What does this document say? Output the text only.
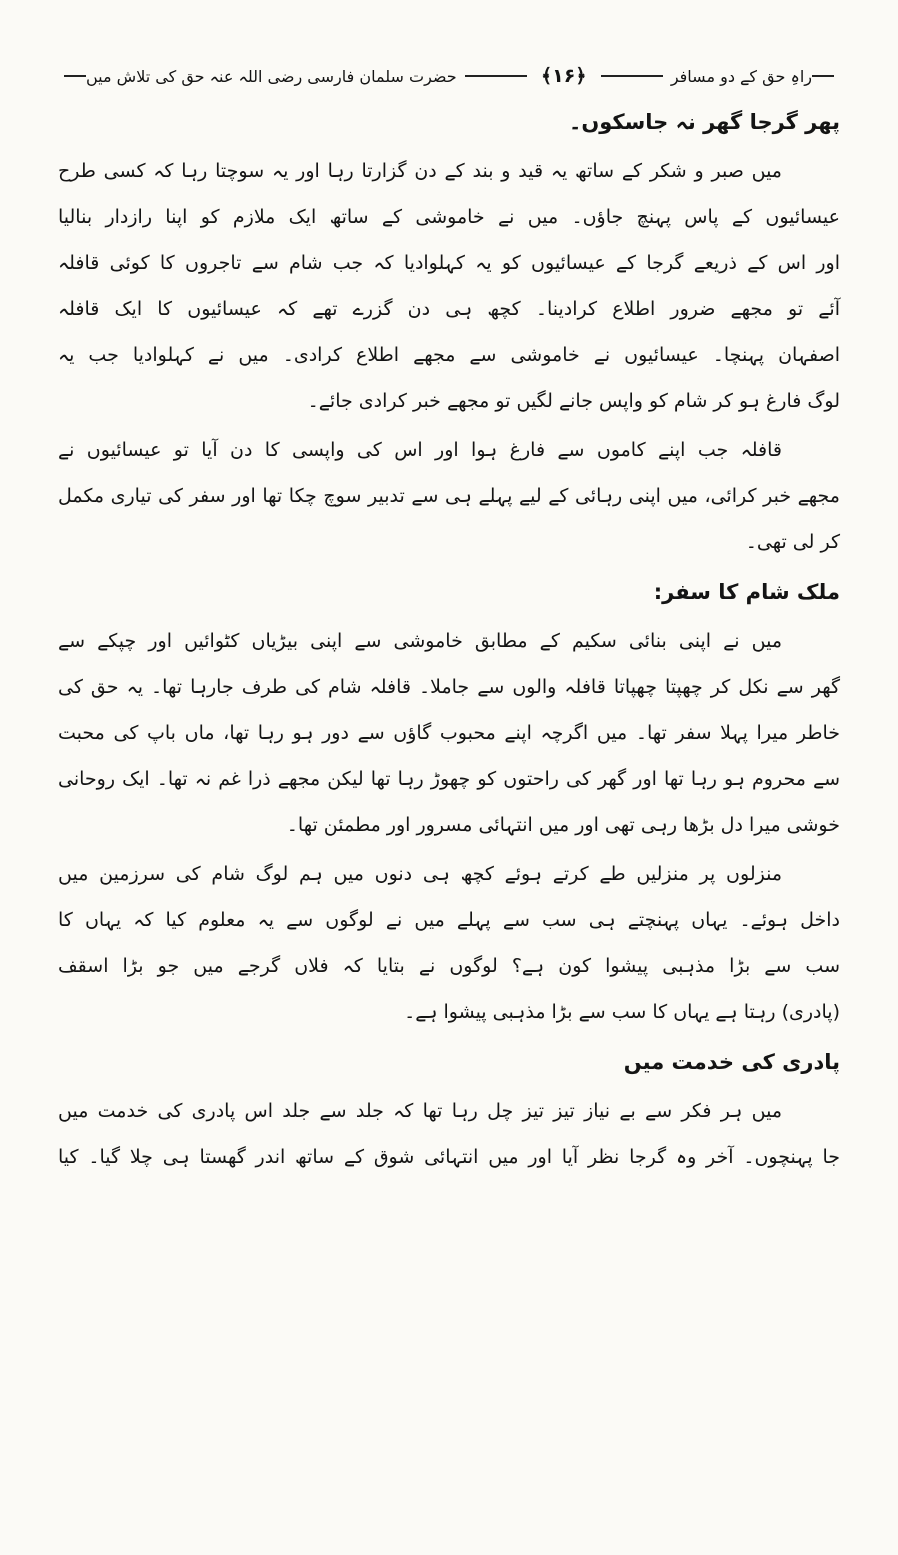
راہِ حق کے دو مسافر
﴿۱۶﴾
حضرت سلمان فارسی رضی اللہ عنہ حق کی تلاش میں
پھر گرجا گھر نہ جاسکوں۔
میں صبر و شکر کے ساتھ یہ قید و بند کے دن گزارتا رہا اور یہ سوچتا رہا کہ کسی طرح
عیسائیوں کے پاس پہنچ جاؤں۔ میں نے خاموشی کے ساتھ ایک ملازم کو اپنا رازدار بنالیا
اور اس کے ذریعے گرجا کے عیسائیوں کو یہ کہلوادیا کہ جب شام سے تاجروں کا کوئی قافلہ
آئے تو مجھے ضرور اطلاع کرادینا۔ کچھ ہی دن گزرے تھے کہ عیسائیوں کا ایک قافلہ
اصفہان پہنچا۔ عیسائیوں نے خاموشی سے مجھے اطلاع کرادی۔ میں نے کہلوادیا جب یہ
لوگ فارغ ہو کر شام کو واپس جانے لگیں تو مجھے خبر کرادی جائے۔
قافلہ جب اپنے کاموں سے فارغ ہوا اور اس کی واپسی کا دن آیا تو عیسائیوں نے
مجھے خبر کرائی، میں اپنی رہائی کے لیے پہلے ہی سے تدبیر سوچ چکا تھا اور سفر کی تیاری مکمل
کر لی تھی۔
ملک شام کا سفر:
میں نے اپنی بنائی سکیم کے مطابق خاموشی سے اپنی بیڑیاں کٹوائیں اور چپکے سے
گھر سے نکل کر چھپتا چھپاتا قافلہ والوں سے جاملا۔ قافلہ شام کی طرف جارہا تھا۔ یہ حق کی
خاطر میرا پہلا سفر تھا۔ میں اگرچہ اپنے محبوب گاؤں سے دور ہو رہا تھا، ماں باپ کی محبت
سے محروم ہو رہا تھا اور گھر کی راحتوں کو چھوڑ رہا تھا لیکن مجھے ذرا غم نہ تھا۔ ایک روحانی
خوشی میرا دل بڑھا رہی تھی اور میں انتہائی مسرور اور مطمئن تھا۔
منزلوں پر منزلیں طے کرتے ہوئے کچھ ہی دنوں میں ہم لوگ شام کی سرزمین میں
داخل ہوئے۔ یہاں پہنچتے ہی سب سے پہلے میں نے لوگوں سے یہ معلوم کیا کہ یہاں کا
سب سے بڑا مذہبی پیشوا کون ہے؟ لوگوں نے بتایا کہ فلاں گرجے میں جو بڑا اسقف
(پادری) رہتا ہے یہاں کا سب سے بڑا مذہبی پیشوا ہے۔
پادری کی خدمت میں
میں ہر فکر سے بے نیاز تیز تیز چل رہا تھا کہ جلد سے جلد اس پادری کی خدمت میں
جا پہنچوں۔ آخر وہ گرجا نظر آیا اور میں انتہائی شوق کے ساتھ اندر گھستا ہی چلا گیا۔ کیا
